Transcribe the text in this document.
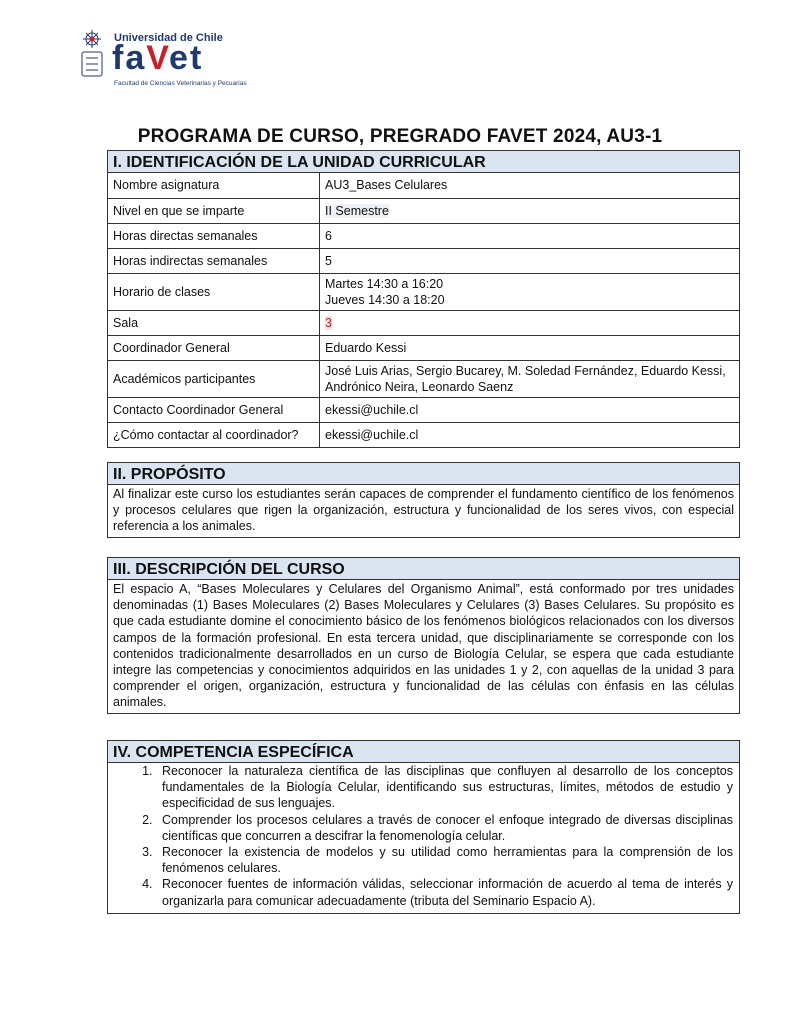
Universidad de Chile
faVet
Facultad de Ciencias Veterinarias y Pecuarias
PROGRAMA DE CURSO, PREGRADO FAVET 2024, AU3-1
I. IDENTIFICACIÓN DE LA UNIDAD CURRICULAR
Nombre asignatura	AU3_Bases Celulares
Nivel en que se imparte	II Semestre
Horas directas semanales	6
Horas indirectas semanales	5
Horario de clases	Martes 14:30 a 16:20
Jueves 14:30 a 18:20

Sala	3
Coordinador General	Eduardo Kessi
Académicos participantes	José Luis Arias, Sergio Bucarey, M. Soledad Fernández, Eduardo Kessi, Andrónico Neira, Leonardo Saenz
Contacto Coordinador General	ekessi@uchile.cl
¿Cómo contactar al coordinador?	ekessi@uchile.cl
II. PROPÓSITO
Al finalizar este curso los estudiantes serán capaces de comprender el fundamento científico de los fenómenos y procesos celulares que rigen la organización, estructura y funcionalidad de los seres vivos, con especial referencia a los animales.
III. DESCRIPCIÓN DEL CURSO
El espacio A, “Bases Moleculares y Celulares del Organismo Animal”, está conformado por tres unidades denominadas (1) Bases Moleculares (2) Bases Moleculares y Celulares (3) Bases Celulares. Su propósito es que cada estudiante domine el conocimiento básico de los fenómenos biológicos relacionados con los diversos campos de la formación profesional. En esta tercera unidad, que disciplinariamente se corresponde con los contenidos tradicionalmente desarrollados en un curso de Biología Celular, se espera que cada estudiante integre las competencias y conocimientos adquiridos en las unidades 1 y 2, con aquellas de la unidad 3 para comprender el origen, organización, estructura y funcionalidad de las células con énfasis en las células animales.
IV. COMPETENCIA ESPECÍFICA
1. Reconocer la naturaleza científica de las disciplinas que confluyen al desarrollo de los conceptos fundamentales de la Biología Celular, identificando sus estructuras, límites, métodos de estudio y especificidad de sus lenguajes.
2. Comprender los procesos celulares a través de conocer el enfoque integrado de diversas disciplinas científicas que concurren a descifrar la fenomenología celular.
3. Reconocer la existencia de modelos y su utilidad como herramientas para la comprensión de los fenómenos celulares.
4. Reconocer fuentes de información válidas, seleccionar información de acuerdo al tema de interés y organizarla para comunicar adecuadamente (tributa del Seminario Espacio A).
